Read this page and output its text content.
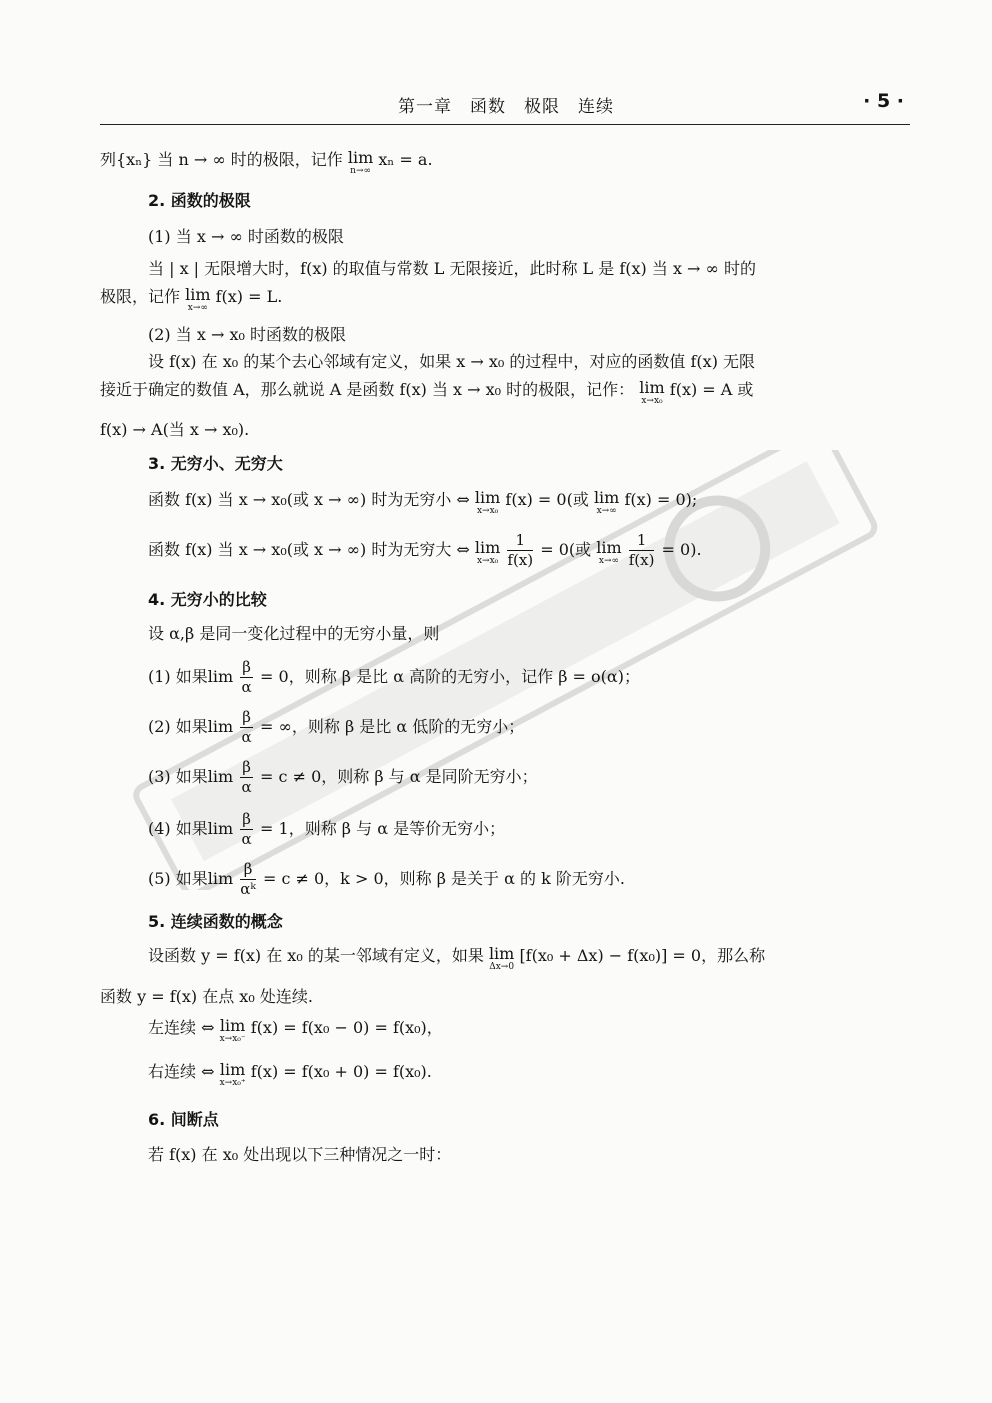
第一章　函数　极限　连续	· 5 ·
列{xₙ} 当 n → ∞ 时的极限，记作 lim
n→∞
xₙ = a.
2. 函数的极限
(1) 当 x → ∞ 时函数的极限
当 | x | 无限增大时，f(x) 的取值与常数 L 无限接近，此时称 L 是 f(x) 当 x → ∞ 时的
极限，记作 lim
x→∞
f(x) = L.
(2) 当 x → x₀ 时函数的极限
设 f(x) 在 x₀ 的某个去心邻域有定义，如果 x → x₀ 的过程中，对应的函数值 f(x) 无限
接近于确定的数值 A，那么就说 A 是函数 f(x) 当 x → x₀ 时的极限，记作： lim
x→x₀
f(x) = A 或
f(x) → A(当 x → x₀).
3. 无穷小、无穷大
函数 f(x) 当 x → x₀(或 x → ∞) 时为无穷小 ⇔ lim
x→x₀
f(x) = 0(或 lim
x→∞
f(x) = 0);
函数 f(x) 当 x → x₀(或 x → ∞) 时为无穷大 ⇔ lim
x→x₀
$\frac{1}{f(x)} = 0$(或 lim
x→∞
$\frac{1}{f(x)} = 0$).
4. 无穷小的比较
设 α,β 是同一变化过程中的无穷小量，则
(1) 如果$\lim \frac{\beta}{\alpha} = 0$，则称 β 是比 α 高阶的无穷小，记作 β = o(α)；
(2) 如果$\lim \frac{\beta}{\alpha}$ = ∞，则称 β 是比 α 低阶的无穷小；
(3) 如果$\lim \frac{\beta}{\alpha} = c \ne 0$，则称 β 与 α 是同阶无穷小；
(4) 如果$\lim \frac{\beta}{\alpha} = 1$，则称 β 与 α 是等价无穷小；
(5) 如果$\lim \frac{\beta}{\text{αᵏ}} = c \ne 0$，k > 0，则称 β 是关于 α 的 k 阶无穷小.
5. 连续函数的概念
设函数 y = f(x) 在 x₀ 的某一邻域有定义，如果 lim
Δx→0
[f(x₀ + Δx) − f(x₀)] = 0，那么称
函数 y = f(x) 在点 x₀ 处连续.
左连续 ⇔ lim
x→x₀⁻
f(x) = f(x₀ − 0) = f(x₀)，
右连续 ⇔ lim
x→x₀⁺
f(x) = f(x₀ + 0) = f(x₀).
6. 间断点
若 f(x) 在 x₀ 处出现以下三种情况之一时：
